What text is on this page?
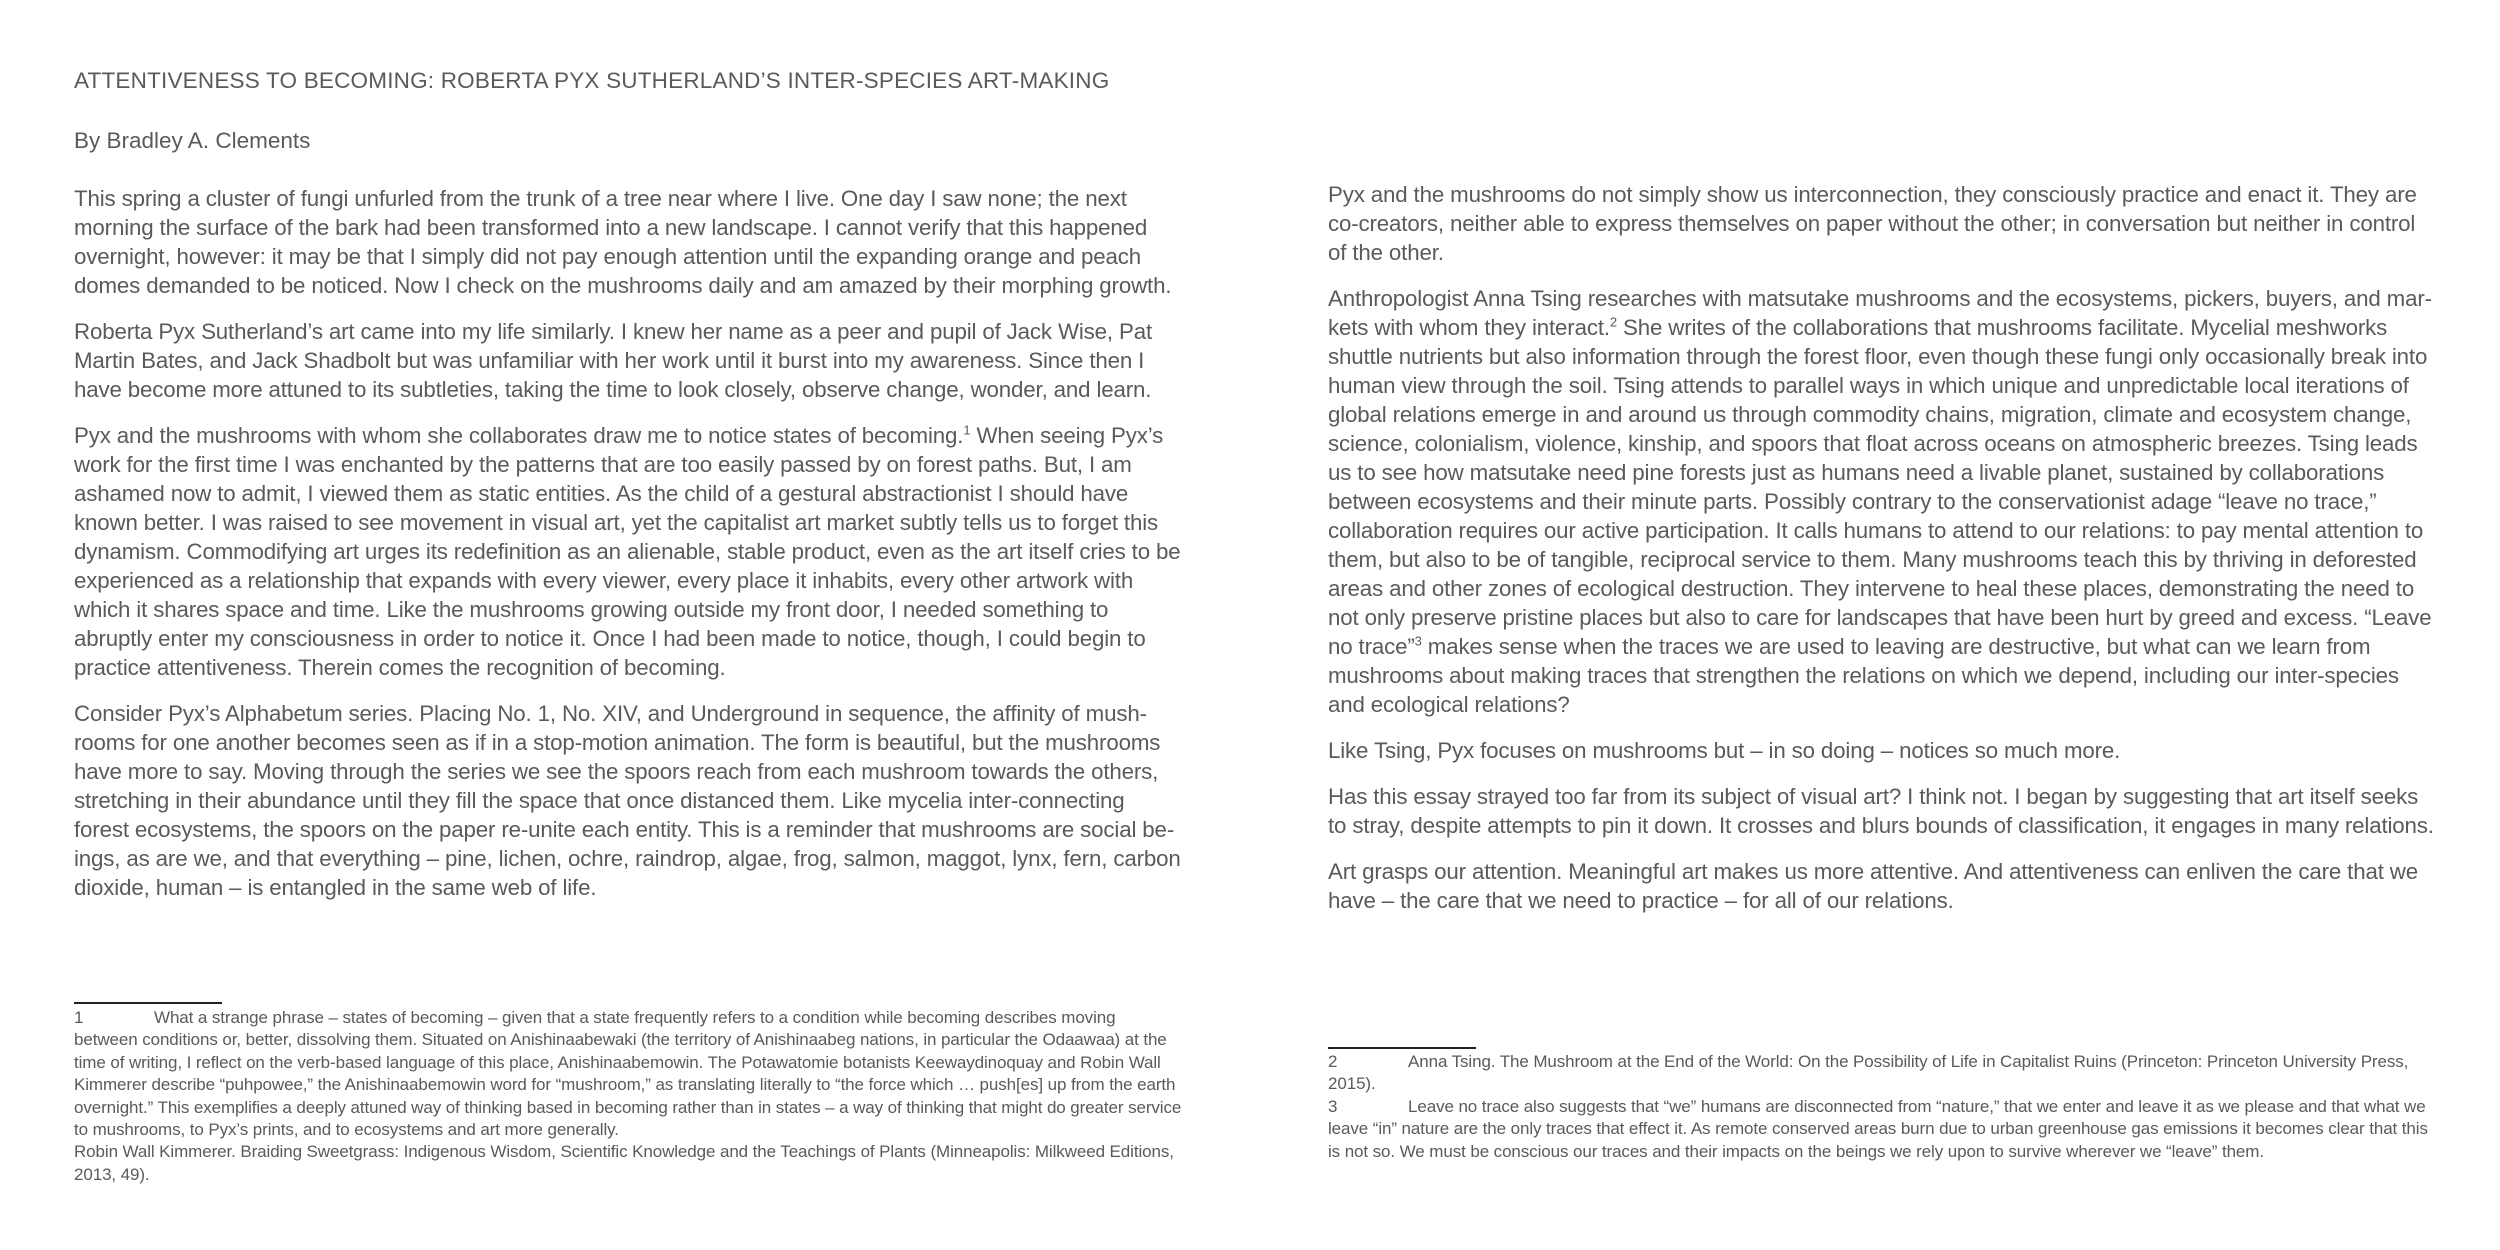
ATTENTIVENESS TO BECOMING: ROBERTA PYX SUTHERLAND’S INTER-SPECIES ART-MAKING

By Bradley A. Clements

This spring a cluster of fungi unfurled from the trunk of a tree near where I live. One day I saw none; the next morning the surface of the bark had been transformed into a new landscape. I cannot verify that this happened overnight, however: it may be that I simply did not pay enough attention until the expanding orange and peach domes demanded to be noticed. Now I check on the mushrooms daily and am amazed by their morphing growth.

Roberta Pyx Sutherland’s art came into my life similarly. I knew her name as a peer and pupil of Jack Wise, Pat Martin Bates, and Jack Shadbolt but was unfamiliar with her work until it burst into my awareness. Since then I have become more attuned to its subtleties, taking the time to look closely, observe change, wonder, and learn.

Pyx and the mushrooms with whom she collaborates draw me to notice states of becoming.$^1$ When seeing Pyx’s work for the first time I was enchanted by the patterns that are too easily passed by on forest paths. But, I am ashamed now to admit, I viewed them as static entities. As the child of a gestural abstractionist I should have known better. I was raised to see movement in visual art, yet the capitalist art market subtly tells us to forget this dynamism. Commodifying art urges its redefinition as an alienable, stable product, even as the art itself cries to be experienced as a relationship that expands with every viewer, every place it inhabits, every other artwork with which it shares space and time. Like the mushrooms growing outside my front door, I needed something to abruptly enter my consciousness in order to notice it. Once I had been made to notice, though, I could begin to practice attentiveness. Therein comes the recognition of becoming.

Consider Pyx’s Alphabetum series. Placing No. 1, No. XIV, and Underground in sequence, the affinity of mushrooms for one another becomes seen as if in a stop-motion animation. The form is beautiful, but the mushrooms have more to say. Moving through the series we see the spoors reach from each mushroom towards the others, stretching in their abundance until they fill the space that once distanced them. Like mycelia inter-connecting forest ecosystems, the spoors on the paper re-unite each entity. This is a reminder that mushrooms are social beings, as are we, and that everything – pine, lichen, ochre, raindrop, algae, frog, salmon, maggot, lynx, fern, carbon dioxide, human – is entangled in the same web of life.

1	What a strange phrase – states of becoming – given that a state frequently refers to a condition while becoming describes moving between conditions or, better, dissolving them. Situated on Anishinaabewaki (the territory of Anishinaabeg nations, in particular the Odaawaa) at the time of writing, I reflect on the verb-based language of this place, Anishinaabemowin. The Potawatomie botanists Keewaydinoquay and Robin Wall Kimmerer describe “puhpowee,” the Anishinaabemowin word for “mushroom,” as translating literally to “the force which … push[es] up from the earth overnight.” This exemplifies a deeply attuned way of thinking based in becoming rather than in states – a way of thinking that might do greater service to mushrooms, to Pyx’s prints, and to ecosystems and art more generally.

Robin Wall Kimmerer. Braiding Sweetgrass: Indigenous Wisdom, Scientific Knowledge and the Teachings of Plants (Minneapolis: Milkweed Editions, 2013, 49).

Pyx and the mushrooms do not simply show us interconnection, they consciously practice and enact it. They are co-creators, neither able to express themselves on paper without the other; in conversation but neither in control of the other.

Anthropologist Anna Tsing researches with matsutake mushrooms and the ecosystems, pickers, buyers, and markets with whom they interact.$^2$ She writes of the collaborations that mushrooms facilitate. Mycelial meshworks shuttle nutrients but also information through the forest floor, even though these fungi only occasionally break into human view through the soil. Tsing attends to parallel ways in which unique and unpredictable local iterations of global relations emerge in and around us through commodity chains, migration, climate and ecosystem change, science, colonialism, violence, kinship, and spoors that float across oceans on atmospheric breezes. Tsing leads us to see how matsutake need pine forests just as humans need a livable planet, sustained by collaborations between ecosystems and their minute parts. Possibly contrary to the conservationist adage “leave no trace,” collaboration requires our active participation. It calls humans to attend to our relations: to pay mental attention to them, but also to be of tangible, reciprocal service to them. Many mushrooms teach this by thriving in deforested areas and other zones of ecological destruction. They intervene to heal these places, demonstrating the need to not only preserve pristine places but also to care for landscapes that have been hurt by greed and excess. “Leave no trace”$^3$ makes sense when the traces we are used to leaving are destructive, but what can we learn from mushrooms about making traces that strengthen the relations on which we depend, including our inter-species and ecological relations?

Like Tsing, Pyx focuses on mushrooms but – in so doing – notices so much more.

Has this essay strayed too far from its subject of visual art? I think not. I began by suggesting that art itself seeks to stray, despite attempts to pin it down. It crosses and blurs bounds of classification, it engages in many relations.

Art grasps our attention. Meaningful art makes us more attentive. And attentiveness can enliven the care that we have – the care that we need to practice – for all of our relations.

2	Anna Tsing. The Mushroom at the End of the World: On the Possibility of Life in Capitalist Ruins (Princeton: Princeton University Press, 2015).

3	Leave no trace also suggests that “we” humans are disconnected from “nature,” that we enter and leave it as we please and that what we leave “in” nature are the only traces that effect it. As remote conserved areas burn due to urban greenhouse gas emissions it becomes clear that this is not so. We must be conscious our traces and their impacts on the beings we rely upon to survive wherever we “leave” them.
